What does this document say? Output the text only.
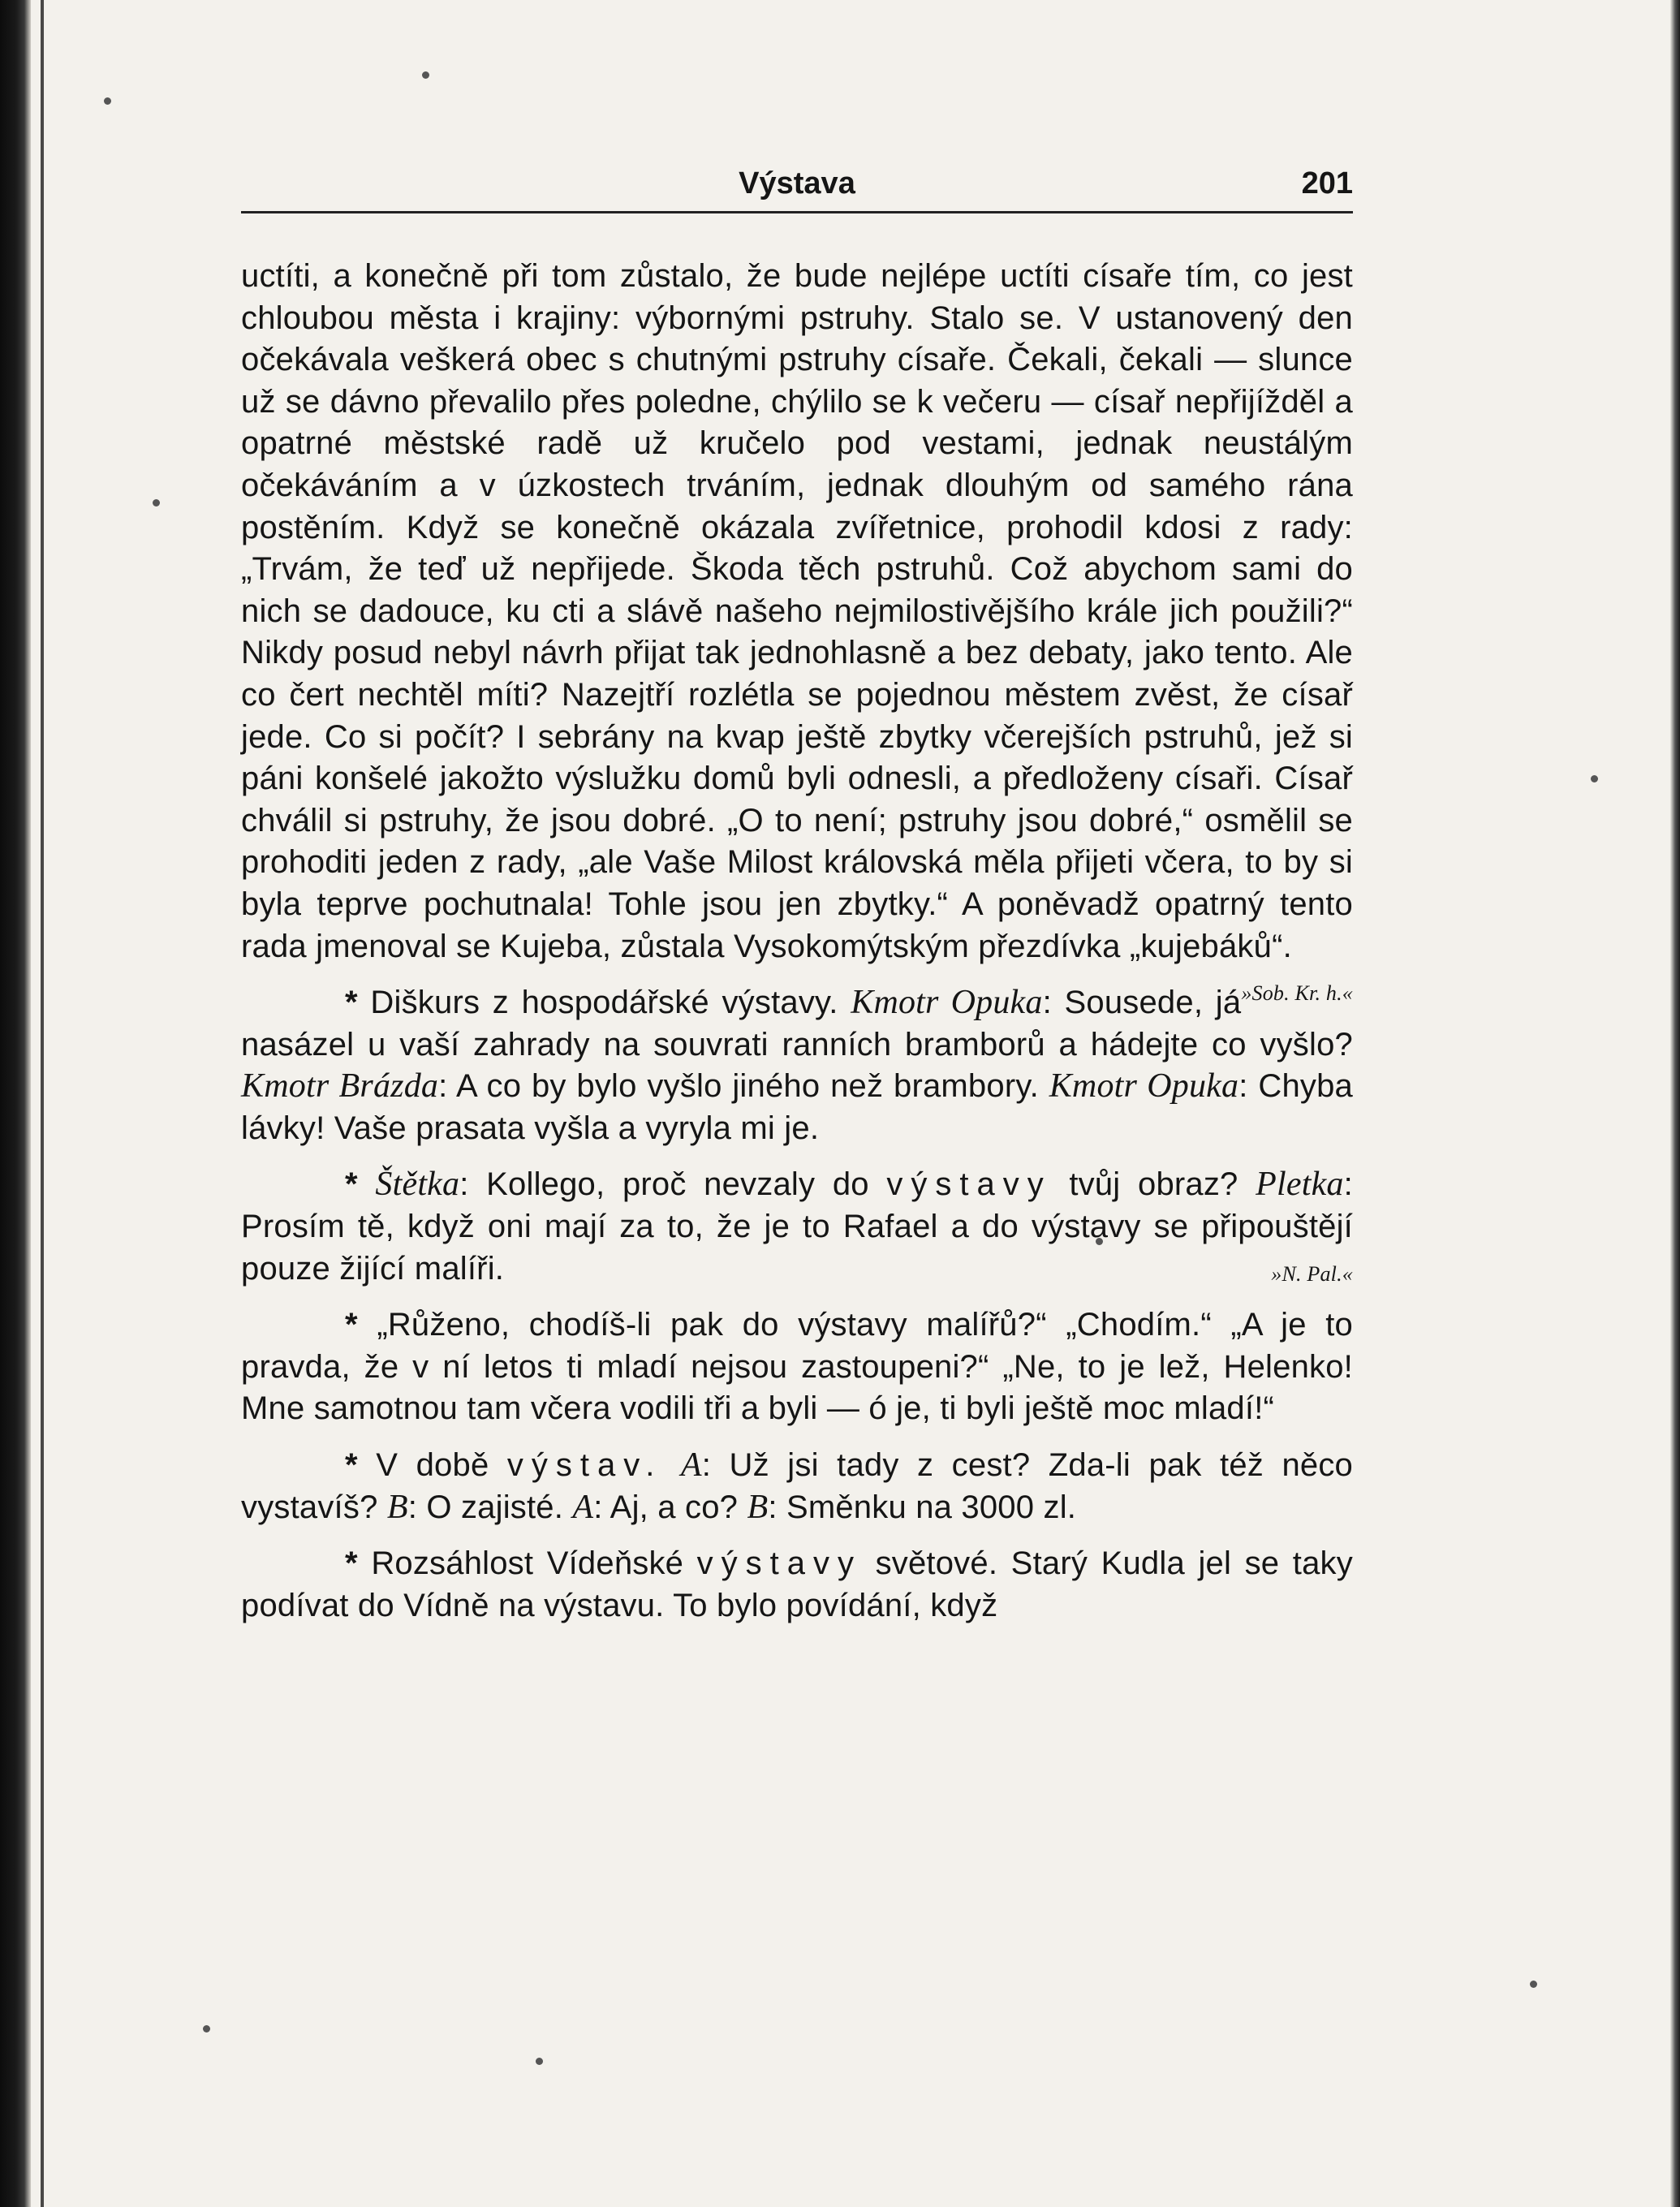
Výstava	201

uctíti, a konečně při tom zůstalo, že bude nejlépe uctíti císaře tím, co jest chloubou města i krajiny: výbornými pstruhy. Stalo se. V ustanovený den očekávala veškerá obec s chutnými pstruhy císaře. Čekali, čekali — slunce už se dávno převalilo přes poledne, chýlilo se k večeru — císař nepřijížděl a opatrné městské radě už kručelo pod vestami, jednak neustálým očekáváním a v úzkostech trváním, jednak dlouhým od samého rána postěním. Když se konečně okázala zvířetnice, prohodil kdosi z rady: „Trvám, že teď už nepřijede. Škoda těch pstruhů. Což abychom sami do nich se dadouce, ku cti a slávě našeho nejmilostivějšího krále jich použili?“ Nikdy posud nebyl návrh přijat tak jednohlasně a bez debaty, jako tento. Ale co čert nechtěl míti? Nazejtří rozlétla se pojednou městem zvěst, že císař jede. Co si počít? I sebrány na kvap ještě zbytky včerejších pstruhů, jež si páni konšelé jakožto výslužku domů byli odnesli, a předloženy císaři. Císař chválil si pstruhy, že jsou dobré. „O to není; pstruhy jsou dobré,“ osmělil se prohoditi jeden z rady, „ale Vaše Milost královská měla přijeti včera, to by si byla teprve pochutnala! Tohle jsou jen zbytky.“ A poněvadž opatrný tento rada jmenoval se Kujeba, zůstala Vysokomýtským přezdívka „kujebáků“.
»Sob. Kr. h.«

* Diškurs z hospodářské výstavy. Kmotr Opuka: Sousede, já nasázel u vaší zahrady na souvrati ranních bramborů a hádejte co vyšlo? Kmotr Brázda: A co by bylo vyšlo jiného než brambory. Kmotr Opuka: Chyba lávky! Vaše prasata vyšla a vyryla mi je.

* Štětka: Kollego, proč nevzaly do výstavy tvůj obraz? Pletka: Prosím tě, když oni mají za to, že je to Rafael a do výstavy se připouštějí pouze žijící malíři.	»N. Pal.«

* „Růženo, chodíš-li pak do výstavy malířů?“ „Chodím.“ „A je to pravda, že v ní letos ti mladí nejsou zastoupeni?“ „Ne, to je lež, Helenko! Mne samotnou tam včera vodili tři a byli — ó je, ti byli ještě moc mladí!“

* V době výstav. A: Už jsi tady z cest? Zda-li pak též něco vystavíš? B: O zajisté. A: Aj, a co? B: Směnku na 3000 zl.

* Rozsáhlost Vídeňské výstavy světové. Starý Kudla jel se taky podívat do Vídně na výstavu. To bylo povídání, když
